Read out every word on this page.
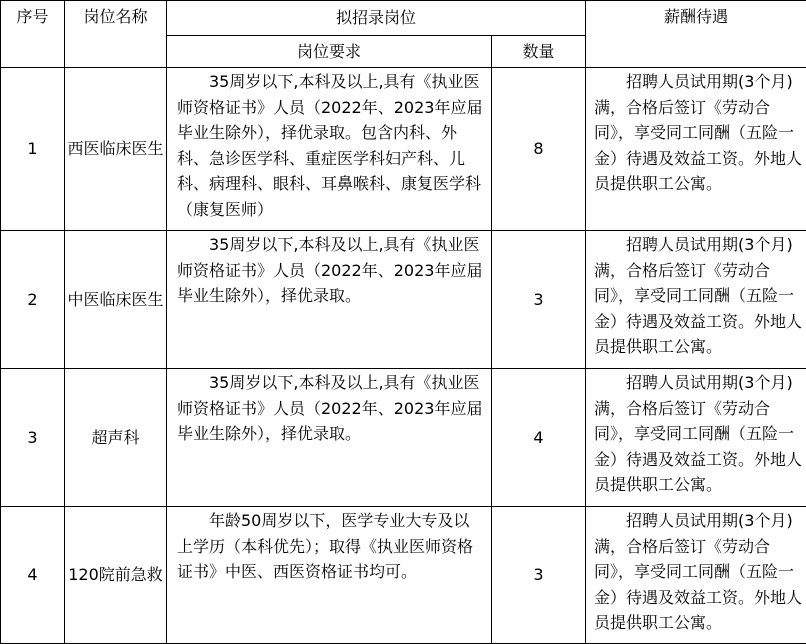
序号	岗位名称	拟招录岗位		薪酬待遇
		岗位要求	数量	
1	西医临床医生	35周岁以下,本科及以上,具有《执业医师资格证书》人员（2022年、2023年应届毕业生除外），择优录取。包含内科、外科、急诊医学科、重症医学科妇产科、儿科、病理科、眼科、耳鼻喉科、康复医学科（康复医师）	8	招聘人员试用期(3个月)满，合格后签订《劳动合同》，享受同工同酬（五险一金）待遇及效益工资。外地人员提供职工公寓。
2	中医临床医生	35周岁以下,本科及以上,具有《执业医师资格证书》人员（2022年、2023年应届毕业生除外），择优录取。	3	招聘人员试用期(3个月)满，合格后签订《劳动合同》，享受同工同酬（五险一金）待遇及效益工资。外地人员提供职工公寓。
3	超声科	35周岁以下,本科及以上,具有《执业医师资格证书》人员（2022年、2023年应届毕业生除外），择优录取。	4	招聘人员试用期(3个月)满，合格后签订《劳动合同》，享受同工同酬（五险一金）待遇及效益工资。外地人员提供职工公寓。
4	120院前急救	年龄50周岁以下，医学专业大专及以上学历（本科优先）；取得《执业医师资格证书》中医、西医资格证书均可。	3	招聘人员试用期(3个月)满，合格后签订《劳动合同》，享受同工同酬（五险一金）待遇及效益工资。外地人员提供职工公寓。
